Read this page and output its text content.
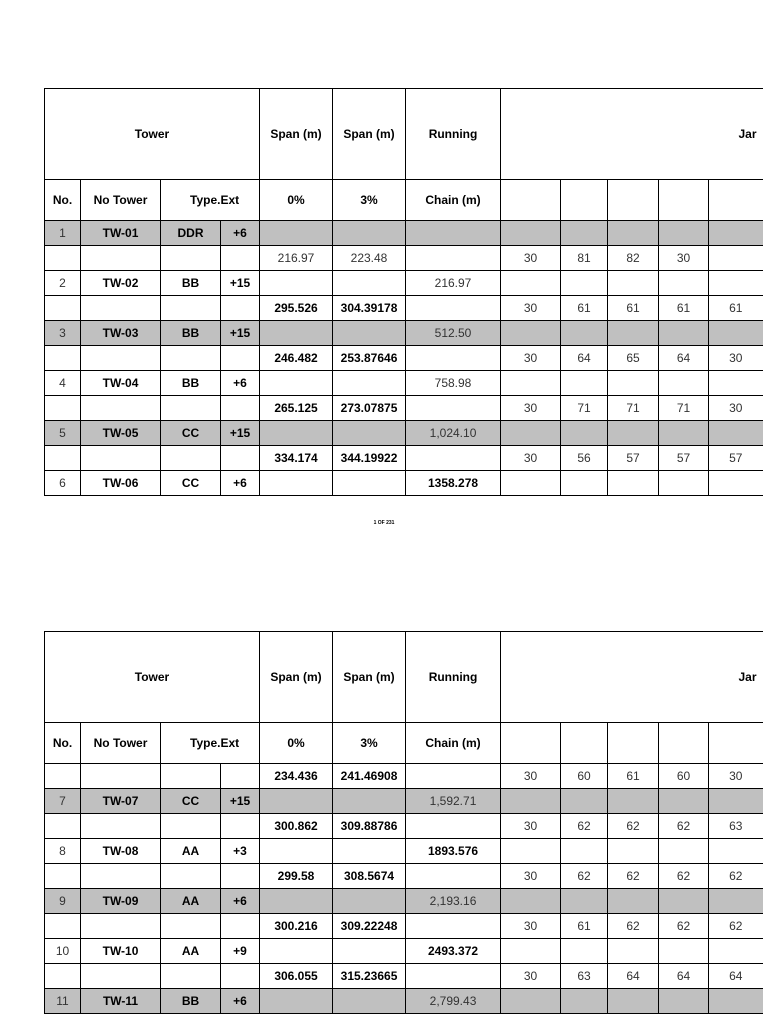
Tower				Span (m)	Span (m)	Running	Jar				
No.	No Tower	Type.	Ext	0%	3%	Chain (m)					
1	TW-01	DDR	+6								
				216.97	223.48		30	81	82	30	
2	TW-02	BB	+15			216.97					
				295.526	304.39178		30	61	61	61	61
3	TW-03	BB	+15			512.50					
				246.482	253.87646		30	64	65	64	30
4	TW-04	BB	+6			758.98					
				265.125	273.07875		30	71	71	71	30
5	TW-05	CC	+15			1,024.10					
				334.174	344.19922		30	56	57	57	57
6	TW-06	CC	+6			1358.278					
1 OF 231
Tower				Span (m)	Span (m)	Running	Jar				
No.	No Tower	Type.	Ext	0%	3%	Chain (m)					
				234.436	241.46908		30	60	61	60	30
7	TW-07	CC	+15			1,592.71					
				300.862	309.88786		30	62	62	62	63
8	TW-08	AA	+3			1893.576					
				299.58	308.5674		30	62	62	62	62
9	TW-09	AA	+6			2,193.16					
				300.216	309.22248		30	61	62	62	62
10	TW-10	AA	+9			2493.372					
				306.055	315.23665		30	63	64	64	64
11	TW-11	BB	+6			2,799.43					
